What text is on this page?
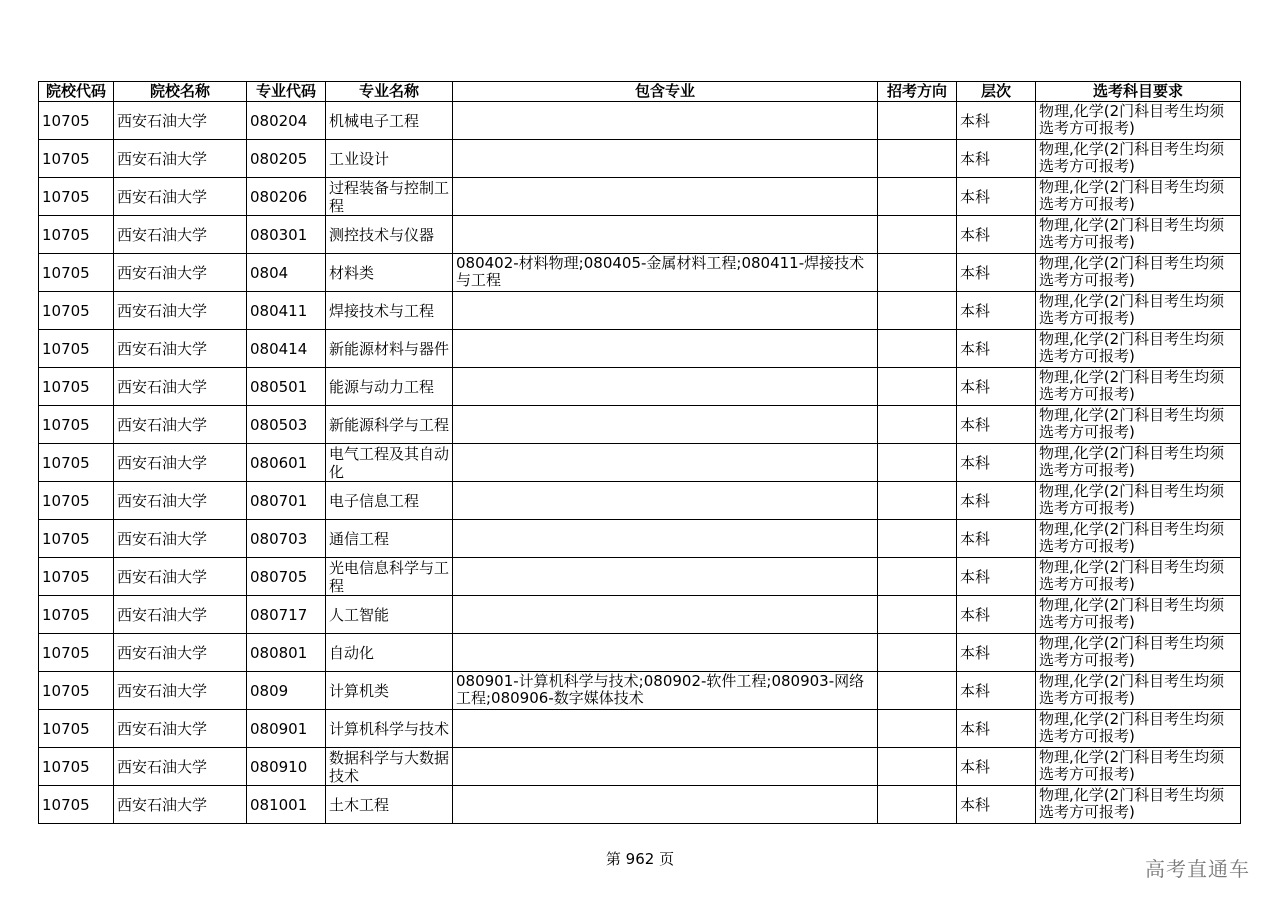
院校代码	院校名称	专业代码	专业名称	包含专业	招考方向	层次	选考科目要求
10705	西安石油大学	080204	机械电子工程			本科	物理,化学(2门科目考生均须选考方可报考)
10705	西安石油大学	080205	工业设计			本科	物理,化学(2门科目考生均须选考方可报考)
10705	西安石油大学	080206	过程装备与控制工程			本科	物理,化学(2门科目考生均须选考方可报考)
10705	西安石油大学	080301	测控技术与仪器			本科	物理,化学(2门科目考生均须选考方可报考)
10705	西安石油大学	0804	材料类	080402-材料物理;080405-金属材料工程;080411-焊接技术与工程		本科	物理,化学(2门科目考生均须选考方可报考)
10705	西安石油大学	080411	焊接技术与工程			本科	物理,化学(2门科目考生均须选考方可报考)
10705	西安石油大学	080414	新能源材料与器件			本科	物理,化学(2门科目考生均须选考方可报考)
10705	西安石油大学	080501	能源与动力工程			本科	物理,化学(2门科目考生均须选考方可报考)
10705	西安石油大学	080503	新能源科学与工程			本科	物理,化学(2门科目考生均须选考方可报考)
10705	西安石油大学	080601	电气工程及其自动化			本科	物理,化学(2门科目考生均须选考方可报考)
10705	西安石油大学	080701	电子信息工程			本科	物理,化学(2门科目考生均须选考方可报考)
10705	西安石油大学	080703	通信工程			本科	物理,化学(2门科目考生均须选考方可报考)
10705	西安石油大学	080705	光电信息科学与工程			本科	物理,化学(2门科目考生均须选考方可报考)
10705	西安石油大学	080717	人工智能			本科	物理,化学(2门科目考生均须选考方可报考)
10705	西安石油大学	080801	自动化			本科	物理,化学(2门科目考生均须选考方可报考)
10705	西安石油大学	0809	计算机类	080901-计算机科学与技术;080902-软件工程;080903-网络工程;080906-数字媒体技术		本科	物理,化学(2门科目考生均须选考方可报考)
10705	西安石油大学	080901	计算机科学与技术			本科	物理,化学(2门科目考生均须选考方可报考)
10705	西安石油大学	080910	数据科学与大数据技术			本科	物理,化学(2门科目考生均须选考方可报考)
10705	西安石油大学	081001	土木工程			本科	物理,化学(2门科目考生均须选考方可报考)
第 962 页	高考直通车
